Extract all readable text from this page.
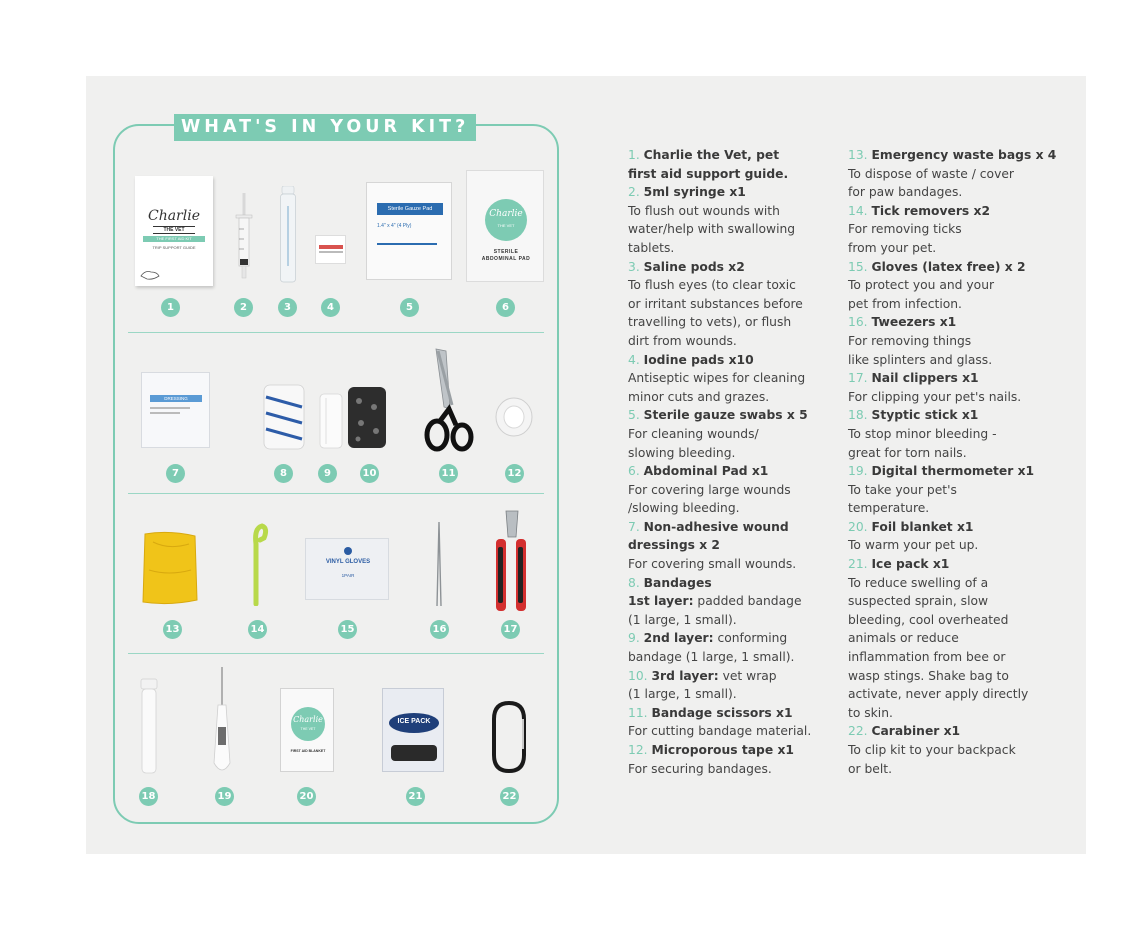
WHAT'S IN YOUR KIT?
Charlie
THE VET
THE FIRST AID KIT
TRIP SUPPORT GUIDE
Sterile Gauze Pad
1.4" x 4" (4 Ply)
Charlie
THE VET
STERILE ABDOMINAL PAD
1	2	3	4	5	6
DRESSING
7	8	9	10	11	12
VINYL GLOVES
1PAIR
13	14	15	16	17
Charlie
THE VET
FIRST AID BLANKET
ICE PACK
18	19	20	21	22
1. Charlie the Vet, pet
first aid support guide.
2. 5ml syringe x1
To flush out wounds with
water/help with swallowing
tablets.
3. Saline pods x2
To flush eyes (to clear toxic
or irritant substances before
travelling to vets), or flush
dirt from wounds.
4. Iodine pads x10
Antiseptic wipes for cleaning
minor cuts and grazes.
5. Sterile gauze swabs x 5
For cleaning wounds/
slowing bleeding.
6. Abdominal Pad x1
For covering large wounds
/slowing bleeding.
7. Non-adhesive wound
dressings x 2
For covering small wounds.
8. Bandages
1st layer: padded bandage
(1 large, 1 small).
9. 2nd layer: conforming
bandage (1 large, 1 small).
10. 3rd layer: vet wrap
(1 large, 1 small).
11. Bandage scissors x1
For cutting bandage material.
12. Microporous tape x1
For securing bandages.
13. Emergency waste bags x 4
To dispose of waste / cover
for paw bandages.
14. Tick removers x2
For removing ticks
from your pet.
15. Gloves (latex free) x 2
To protect you and your
pet from infection.
16. Tweezers x1
For removing things
like splinters and glass.
17. Nail clippers x1
For clipping your pet's nails.
18. Styptic stick x1
To stop minor bleeding -
great for torn nails.
19. Digital thermometer x1
To take your pet's
temperature.
20. Foil blanket x1
To warm your pet up.
21. Ice pack x1
To reduce swelling of a
suspected sprain, slow
bleeding, cool overheated
animals or reduce
inflammation from bee or
wasp stings. Shake bag to
activate, never apply directly
to skin.
22. Carabiner x1
To clip kit to your backpack
or belt.
